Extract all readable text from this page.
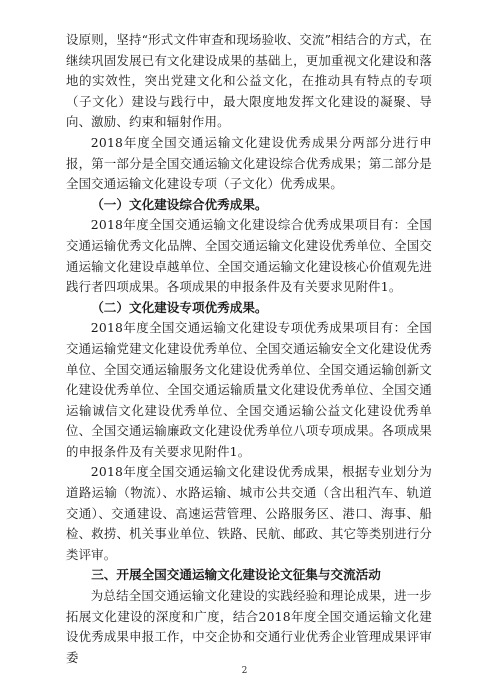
设原则，坚持“形式文件审查和现场验收、交流”相结合的方式，在继续巩固发展已有文化建设成果的基础上，更加重视文化建设和落地的实效性，突出党建文化和公益文化，在推动具有特点的专项（子文化）建设与践行中，最大限度地发挥文化建设的凝聚、导向、激励、约束和辐射作用。

2018年度全国交通运输文化建设优秀成果分两部分进行申报，第一部分是全国交通运输文化建设综合优秀成果；第二部分是全国交通运输文化建设专项（子文化）优秀成果。

（一）文化建设综合优秀成果。

2018年度全国交通运输文化建设综合优秀成果项目有：全国交通运输优秀文化品牌、全国交通运输文化建设优秀单位、全国交通运输文化建设卓越单位、全国交通运输文化建设核心价值观先进践行者四项成果。各项成果的申报条件及有关要求见附件1。

（二）文化建设专项优秀成果。

2018年度全国交通运输文化建设专项优秀成果项目有：全国交通运输党建文化建设优秀单位、全国交通运输安全文化建设优秀单位、全国交通运输服务文化建设优秀单位、全国交通运输创新文化建设优秀单位、全国交通运输质量文化建设优秀单位、全国交通运输诚信文化建设优秀单位、全国交通运输公益文化建设优秀单位、全国交通运输廉政文化建设优秀单位八项专项成果。各项成果的申报条件及有关要求见附件1。

2018年度全国交通运输文化建设优秀成果，根据专业划分为道路运输（物流）、水路运输、城市公共交通（含出租汽车、轨道交通）、交通建设、高速运营管理、公路服务区、港口、海事、船检、救捞、机关事业单位、铁路、民航、邮政、其它等类别进行分类评审。

三、开展全国交通运输文化建设论文征集与交流活动

为总结全国交通运输文化建设的实践经验和理论成果，进一步拓展文化建设的深度和广度，结合2018年度全国交通运输文化建设优秀成果申报工作，中交企协和交通行业优秀企业管理成果评审委

2
